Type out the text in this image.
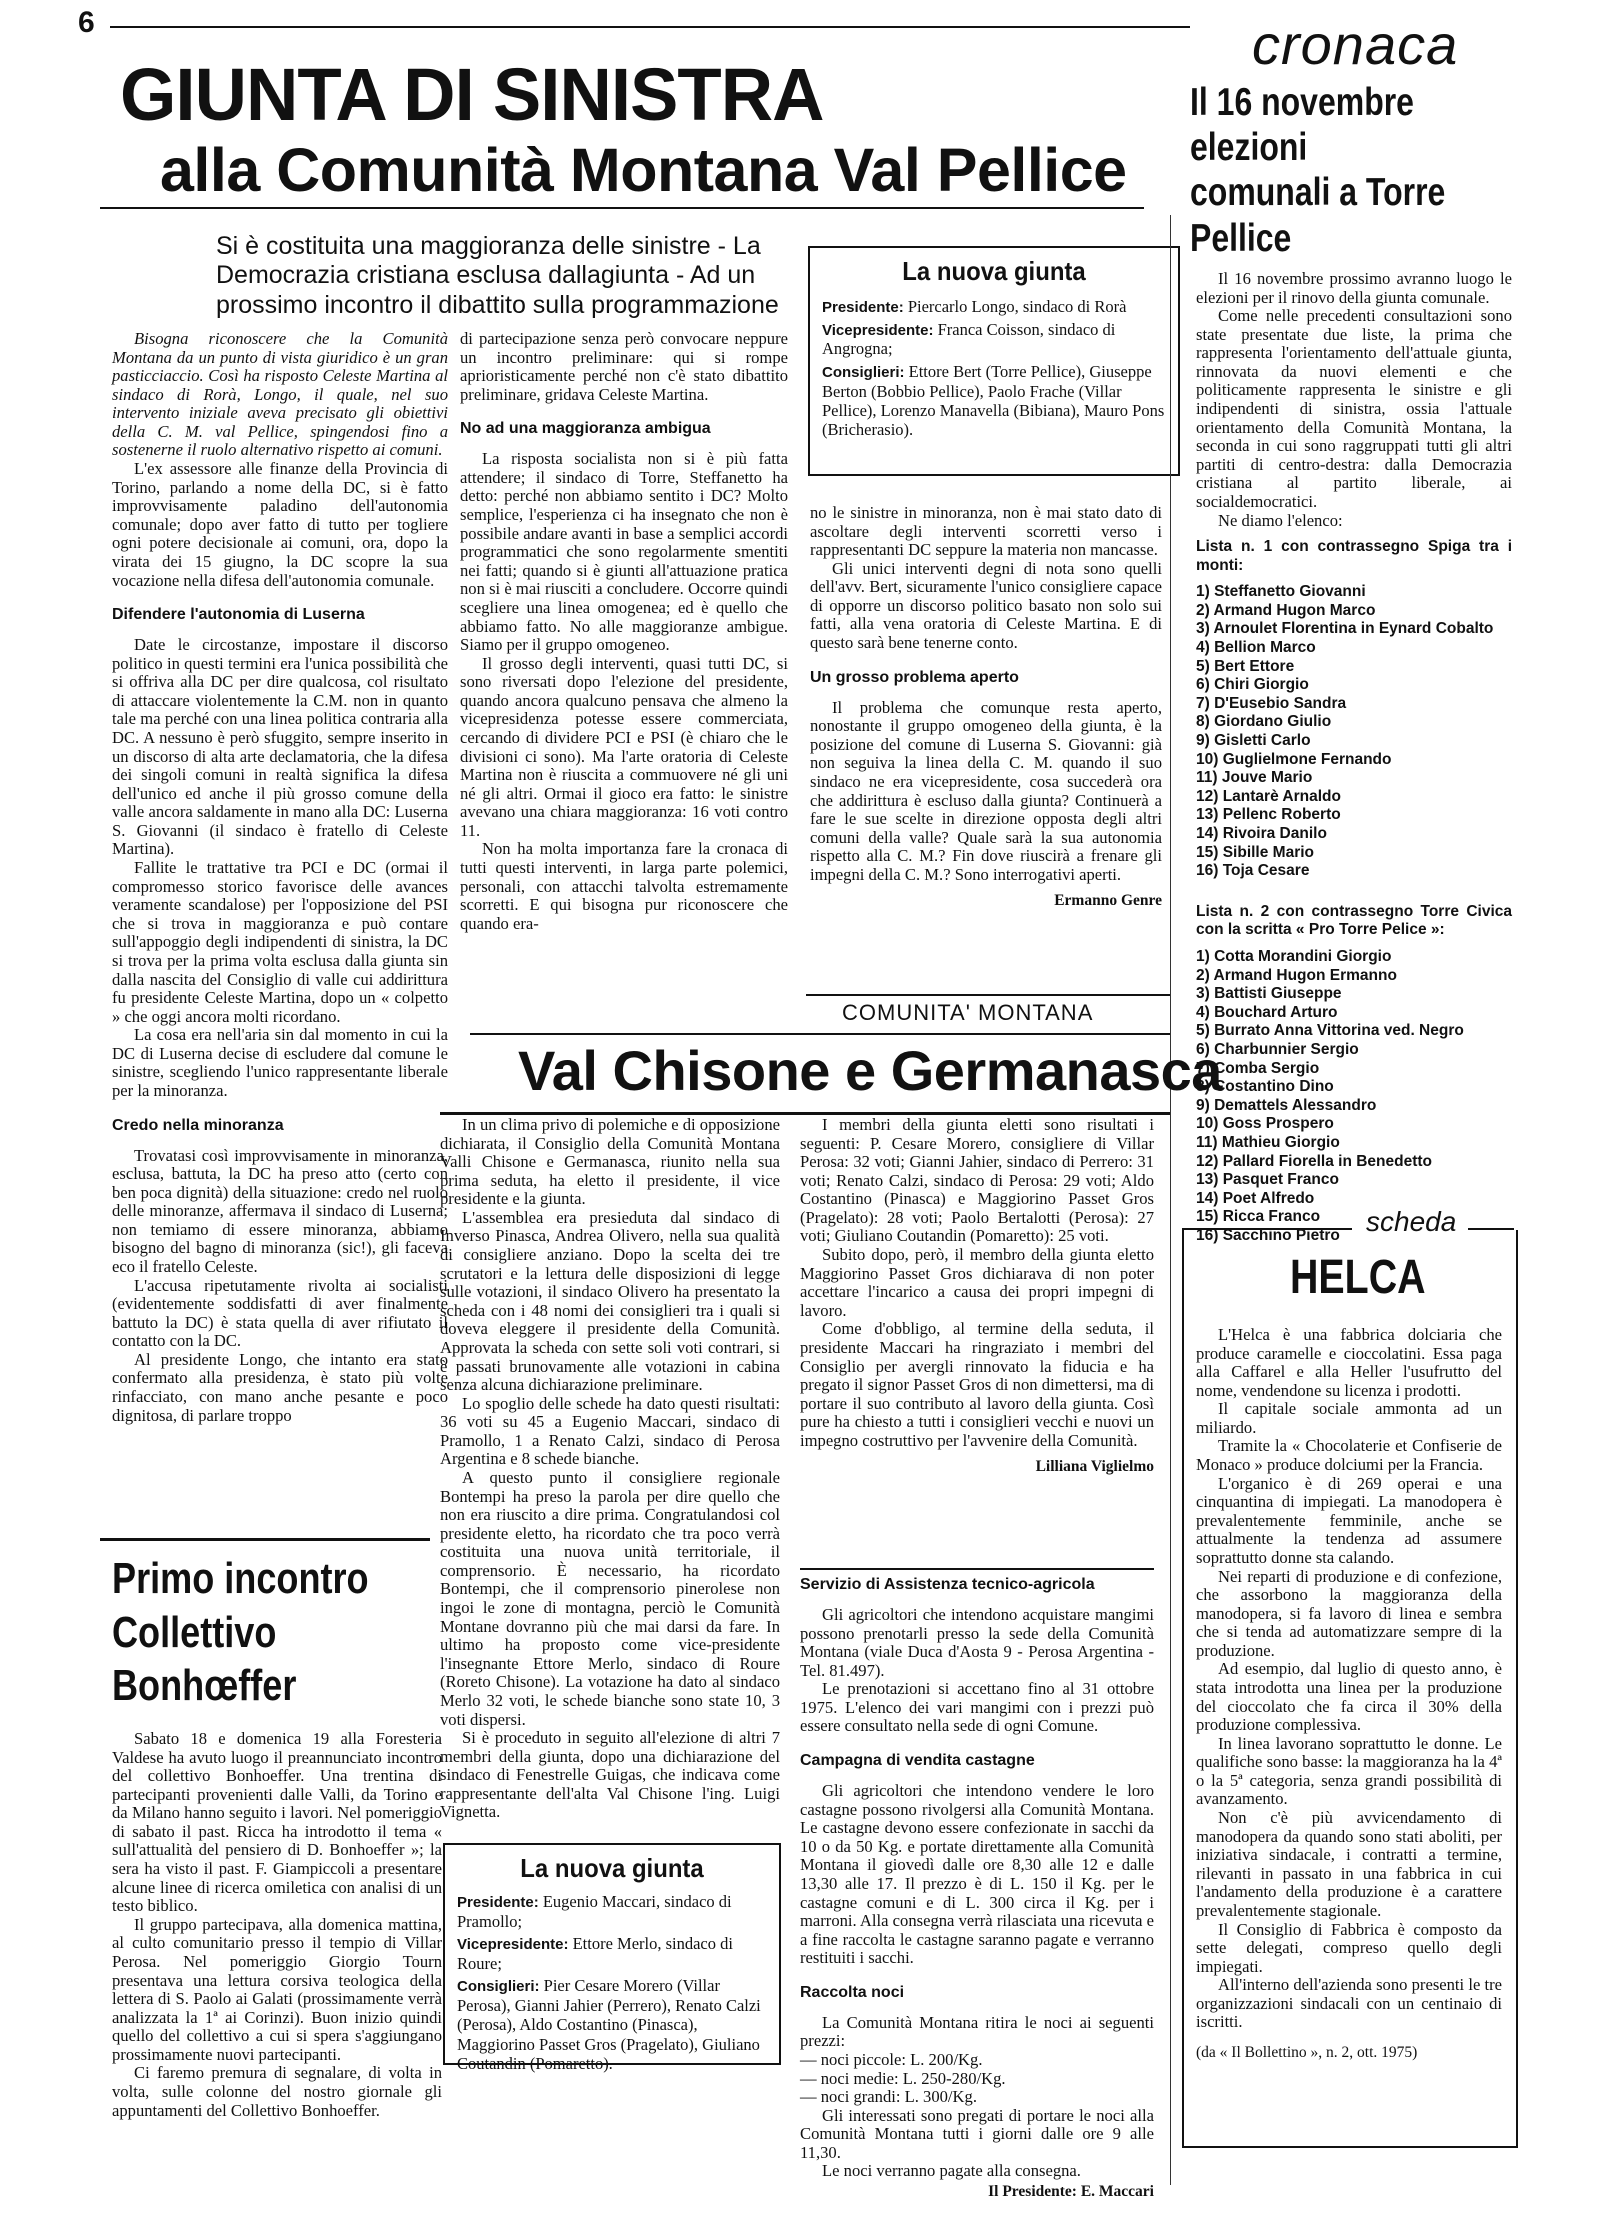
6	cronaca
GIUNTA DI SINISTRA
alla Comunità Montana Val Pellice
Si è costituita una maggioranza delle sinistre - La Democrazia cristiana esclusa dallagiunta - Ad un prossimo incontro il dibattito sulla programmazione

Bisogna riconoscere che la Comunità Montana da un punto di vista giuridico è un gran pasticciaccio. Così ha risposto Celeste Martina al sindaco di Rorà, Longo, il quale, nel suo intervento iniziale aveva precisato gli obiettivi della C. M. val Pellice, spingendosi fino a sostenerne il ruolo alternativo rispetto ai comuni.

L'ex assessore alle finanze della Provincia di Torino, parlando a nome della DC, si è fatto improvvisamente paladino dell'autonomia comunale; dopo aver fatto di tutto per togliere ogni potere decisionale ai comuni, ora, dopo la virata dei 15 giugno, la DC scopre la sua vocazione nella difesa dell'autonomia comunale.

Difendere l'autonomia di Luserna

Date le circostanze, impostare il discorso politico in questi termini era l'unica possibilità che si offriva alla DC per dire qualcosa, col risultato di attaccare violentemente la C.M. non in quanto tale ma perché con una linea politica contraria alla DC. A nessuno è però sfuggito, sempre inserito in un discorso di alta arte declamatoria, che la difesa dei singoli comuni in realtà significa la difesa dell'unico ed anche il più grosso comune della valle ancora saldamente in mano alla DC: Luserna S. Giovanni (il sindaco è fratello di Celeste Martina).

Fallite le trattative tra PCI e DC (ormai il compromesso storico favorisce delle avances veramente scandalose) per l'opposizione del PSI che si trova in maggioranza e può contare sull'appoggio degli indipendenti di sinistra, la DC si trova per la prima volta esclusa dalla giunta sin dalla nascita del Consiglio di valle cui addirittura fu presidente Celeste Martina, dopo un « colpetto » che oggi ancora molti ricordano.

La cosa era nell'aria sin dal momento in cui la DC di Luserna decise di escludere dal comune le sinistre, scegliendo l'unico rappresentante liberale per la minoranza.

Credo nella minoranza

Trovatasi così improvvisamente in minoranza, esclusa, battuta, la DC ha preso atto (certo con ben poca dignità) della situazione: credo nel ruolo delle minoranze, affermava il sindaco di Luserna; non temiamo di essere minoranza, abbiamo bisogno del bagno di minoranza (sic!), gli faceva eco il fratello Celeste.

L'accusa ripetutamente rivolta ai socialisti (evidentemente soddisfatti di aver finalmente battuto la DC) è stata quella di aver rifiutato il contatto con la DC.

Al presidente Longo, che intanto era stato confermato alla presidenza, è stato più volte rinfacciato, con mano anche pesante e poco dignitosa, di parlare troppo

di partecipazione senza però convocare neppure un incontro preliminare: qui si rompe aprioristicamente perché non c'è stato dibattito preliminare, gridava Celeste Martina.

No ad una maggioranza ambigua

La risposta socialista non si è più fatta attendere; il sindaco di Torre, Steffanetto ha detto: perché non abbiamo sentito i DC? Molto semplice, l'esperienza ci ha insegnato che non è possibile andare avanti in base a semplici accordi programmatici che sono regolarmente smentiti nei fatti; quando si è giunti all'attuazione pratica non si è mai riusciti a concludere. Occorre quindi scegliere una linea omogenea; ed è quello che abbiamo fatto. No alle maggioranze ambigue. Siamo per il gruppo omogeneo.

Il grosso degli interventi, quasi tutti DC, si sono riversati dopo l'elezione del presidente, quando ancora qualcuno pensava che almeno la vicepresidenza potesse essere commerciata, cercando di dividere PCI e PSI (è chiaro che le divisioni ci sono). Ma l'arte oratoria di Celeste Martina non è riuscita a commuovere né gli uni né gli altri. Ormai il gioco era fatto: le sinistre avevano una chiara maggioranza: 16 voti contro 11.

Non ha molta importanza fare la cronaca di tutti questi interventi, in larga parte polemici, personali, con attacchi talvolta estremamente scorretti. E qui bisogna pur riconoscere che quando era-

La nuova giunta
Presidente: Piercarlo Longo, sindaco di Rorà
Vicepresidente: Franca Coisson, sindaco di Angrogna;
Consiglieri: Ettore Bert (Torre Pellice), Giuseppe Berton (Bobbio Pellice), Paolo Frache (Villar Pellice), Lorenzo Manavella (Bibiana), Mauro Pons (Bricherasio).

no le sinistre in minoranza, non è mai stato dato di ascoltare degli interventi scorretti verso i rappresentanti DC seppure la materia non mancasse.

Gli unici interventi degni di nota sono quelli dell'avv. Bert, sicuramente l'unico consigliere capace di opporre un discorso politico basato non solo sui fatti, alla vena oratoria di Celeste Martina. E di questo sarà bene tenerne conto.

Un grosso problema aperto

Il problema che comunque resta aperto, nonostante il gruppo omogeneo della giunta, è la posizione del comune di Luserna S. Giovanni: già non seguiva la linea della C. M. quando il suo sindaco ne era vicepresidente, cosa succederà ora che addirittura è escluso dalla giunta? Continuerà a fare le sue scelte in direzione opposta degli altri comuni della valle? Quale sarà la sua autonomia rispetto alla C. M.? Fin dove riuscirà a frenare gli impegni della C. M.? Sono interrogativi aperti.

Ermanno Genre
Il 16 novembre elezioni comunali a Torre Pellice

Il 16 novembre prossimo avranno luogo le elezioni per il rinovo della giunta comunale.

Come nelle precedenti consultazioni sono state presentate due liste, la prima che rappresenta l'orientamento dell'attuale giunta, rinnovata da nuovi elementi e che politicamente rappresenta le sinistre e gli indipendenti di sinistra, ossia l'attuale orientamento della Comunità Montana, la seconda in cui sono raggruppati tutti gli altri partiti di centro-destra: dalla Democrazia cristiana al partito liberale, ai socialdemocratici.

Ne diamo l'elenco:

Lista n. 1 con contrassegno Spiga tra i monti:
1) Steffanetto Giovanni
2) Armand Hugon Marco
3) Arnoulet Florentina in Eynard Cobalto
4) Bellion Marco
5) Bert Ettore
6) Chiri Giorgio
7) D'Eusebio Sandra
8) Giordano Giulio
9) Gisletti Carlo
10) Guglielmone Fernando
11) Jouve Mario
12) Lantarè Arnaldo
13) Pellenc Roberto
14) Rivoira Danilo
15) Sibille Mario
16) Toja Cesare
Lista n. 2 con contrassegno Torre Civica con la scritta « Pro Torre Pelice »:
1) Cotta Morandini Giorgio
2) Armand Hugon Ermanno
3) Battisti Giuseppe
4) Bouchard Arturo
5) Burrato Anna Vittorina ved. Negro
6) Charbunnier Sergio
7) Comba Sergio
8) Costantino Dino
9) Demattels Alessandro
10) Goss Prospero
11) Mathieu Giorgio
12) Pallard Fiorella in Benedetto
13) Pasquet Franco
14) Poet Alfredo
15) Ricca Franco
16) Sacchino Pietro
COMUNITA' MONTANA
Val Chisone e Germanasca

In un clima privo di polemiche e di opposizione dichiarata, il Consiglio della Comunità Montana Valli Chisone e Germanasca, riunito nella sua prima seduta, ha eletto il presidente, il vice presidente e la giunta.

L'assemblea era presieduta dal sindaco di Inverso Pinasca, Andrea Olivero, nella sua qualità di consigliere anziano. Dopo la scelta dei tre scrutatori e la lettura delle disposizioni di legge sulle votazioni, il sindaco Olivero ha presentato la scheda con i 48 nomi dei consiglieri tra i quali si doveva eleggere il presidente della Comunità. Approvata la scheda con sette soli voti contrari, si è passati brunovamente alle votazioni in cabina senza alcuna dichiarazione preliminare.

Lo spoglio delle schede ha dato questi risultati: 36 voti su 45 a Eugenio Maccari, sindaco di Pramollo, 1 a Renato Calzi, sindaco di Perosa Argentina e 8 schede bianche.

A questo punto il consigliere regionale Bontempi ha preso la parola per dire quello che non era riuscito a dire prima. Congratulandosi col presidente eletto, ha ricordato che tra poco verrà costituita una nuova unità territoriale, il comprensorio. È necessario, ha ricordato Bontempi, che il comprensorio pinerolese non ingoi le zone di montagna, perciò le Comunità Montane dovranno più che mai darsi da fare. In ultimo ha proposto come vice-presidente l'insegnante Ettore Merlo, sindaco di Roure (Roreto Chisone). La votazione ha dato al sindaco Merlo 32 voti, le schede bianche sono state 10, 3 voti dispersi.

Si è proceduto in seguito all'elezione di altri 7 membri della giunta, dopo una dichiarazione del sindaco di Fenestrelle Guigas, che indicava come rappresentante dell'alta Val Chisone l'ing. Luigi Vignetta.

I membri della giunta eletti sono risultati i seguenti: P. Cesare Morero, consigliere di Villar Perosa: 32 voti; Gianni Jahier, sindaco di Perrero: 31 voti; Renato Calzi, sindaco di Perosa: 29 voti; Aldo Costantino (Pinasca) e Maggiorino Passet Gros (Pragelato): 28 voti; Paolo Bertalotti (Perosa): 27 voti; Giuliano Coutandin (Pomaretto): 25 voti.

Subito dopo, però, il membro della giunta eletto Maggiorino Passet Gros dichiarava di non poter accettare l'incarico a causa dei propri impegni di lavoro.

Come d'obbligo, al termine della seduta, il presidente Maccari ha ringraziato i membri del Consiglio per avergli rinnovato la fiducia e ha pregato il signor Passet Gros di non dimettersi, ma di portare il suo contributo al lavoro della giunta. Così pure ha chiesto a tutti i consiglieri vecchi e nuovi un impegno costruttivo per l'avvenire della Comunità.

Lilliana Viglielmo
La nuova giunta
Presidente: Eugenio Maccari, sindaco di Pramollo;
Vicepresidente: Ettore Merlo, sindaco di Roure;
Consiglieri: Pier Cesare Morero (Villar Perosa), Gianni Jahier (Perrero), Renato Calzi (Perosa), Aldo Costantino (Pinasca), Maggiorino Passet Gros (Pragelato), Giuliano Coutandin (Pomaretto).
Servizio di Assistenza tecnico-agricola

Gli agricoltori che intendono acquistare mangimi possono prenotarli presso la sede della Comunità Montana (viale Duca d'Aosta 9 - Perosa Argentina - Tel. 81.497).

Le prenotazioni si accettano fino al 31 ottobre 1975. L'elenco dei vari mangimi con i prezzi può essere consultato nella sede di ogni Comune.

Campagna di vendita castagne

Gli agricoltori che intendono vendere le loro castagne possono rivolgersi alla Comunità Montana. Le castagne devono essere confezionate in sacchi da 10 o da 50 Kg. e portate direttamente alla Comunità Montana il giovedì dalle ore 8,30 alle 12 e dalle 13,30 alle 17. Il prezzo è di L. 150 il Kg. per le castagne comuni e di L. 300 circa il Kg. per i marroni. Alla consegna verrà rilasciata una ricevuta e a fine raccolta le castagne saranno pagate e verranno restituiti i sacchi.

Raccolta noci

La Comunità Montana ritira le noci ai seguenti prezzi:

— noci piccole: L. 200/Kg.
— noci medie: L. 250-280/Kg.
— noci grandi: L. 300/Kg.

Gli interessati sono pregati di portare le noci alla Comunità Montana tutti i giorni dalle ore 9 alle 11,30.

Le noci verranno pagate alla consegna.

Il Presidente: E. Maccari
Primo incontro Collettivo Bonhœffer

Sabato 18 e domenica 19 alla Foresteria Valdese ha avuto luogo il preannunciato incontro del collettivo Bonhoeffer. Una trentina di partecipanti provenienti dalle Valli, da Torino e da Milano hanno seguito i lavori. Nel pomeriggio di sabato il past. Ricca ha introdotto il tema « sull'attualità del pensiero di D. Bonhoeffer »; la sera ha visto il past. F. Giampiccoli a presentare alcune linee di ricerca omiletica con analisi di un testo biblico.

Il gruppo partecipava, alla domenica mattina, al culto comunitario presso il tempio di Villar Perosa. Nel pomeriggio Giorgio Tourn presentava una lettura corsiva teologica della lettera di S. Paolo ai Galati (prossimamente verrà analizzata la 1ª ai Corinzi). Buon inizio quindi quello del collettivo a cui si spera s'aggiungano prossimamente nuovi partecipanti.

Ci faremo premura di segnalare, di volta in volta, sulle colonne del nostro giornale gli appuntamenti del Collettivo Bonhoeffer.

scheda
HELCA

L'Helca è una fabbrica dolciaria che produce caramelle e cioccolatini. Essa paga alla Caffarel e alla Heller l'usufrutto del nome, vendendone su licenza i prodotti.

Il capitale sociale ammonta ad un miliardo.

Tramite la « Chocolaterie et Confiserie de Monaco » produce dolciumi per la Francia.

L'organico è di 269 operai e una cinquantina di impiegati. La manodopera è prevalentemente femminile, anche se attualmente la tendenza ad assumere soprattutto donne sta calando.

Nei reparti di produzione e di confezione, che assorbono la maggioranza della manodopera, si fa lavoro di linea e sembra che si tenda ad automatizzare sempre di la produzione.

Ad esempio, dal luglio di questo anno, è stata introdotta una linea per la produzione del cioccolato che fa circa il 30% della produzione complessiva.

In linea lavorano soprattutto le donne. Le qualifiche sono basse: la maggioranza ha la 4ª o la 5ª categoria, senza grandi possibilità di avanzamento.

Non c'è più avvicendamento di manodopera da quando sono stati aboliti, per iniziativa sindacale, i contratti a termine, rilevanti in passato in una fabbrica in cui l'andamento della produzione è a carattere prevalentemente stagionale.

Il Consiglio di Fabbrica è composto da sette delegati, compreso quello degli impiegati.

All'interno dell'azienda sono presenti le tre organizzazioni sindacali con un centinaio di iscritti.

(da « Il Bollettino », n. 2, ott. 1975)
